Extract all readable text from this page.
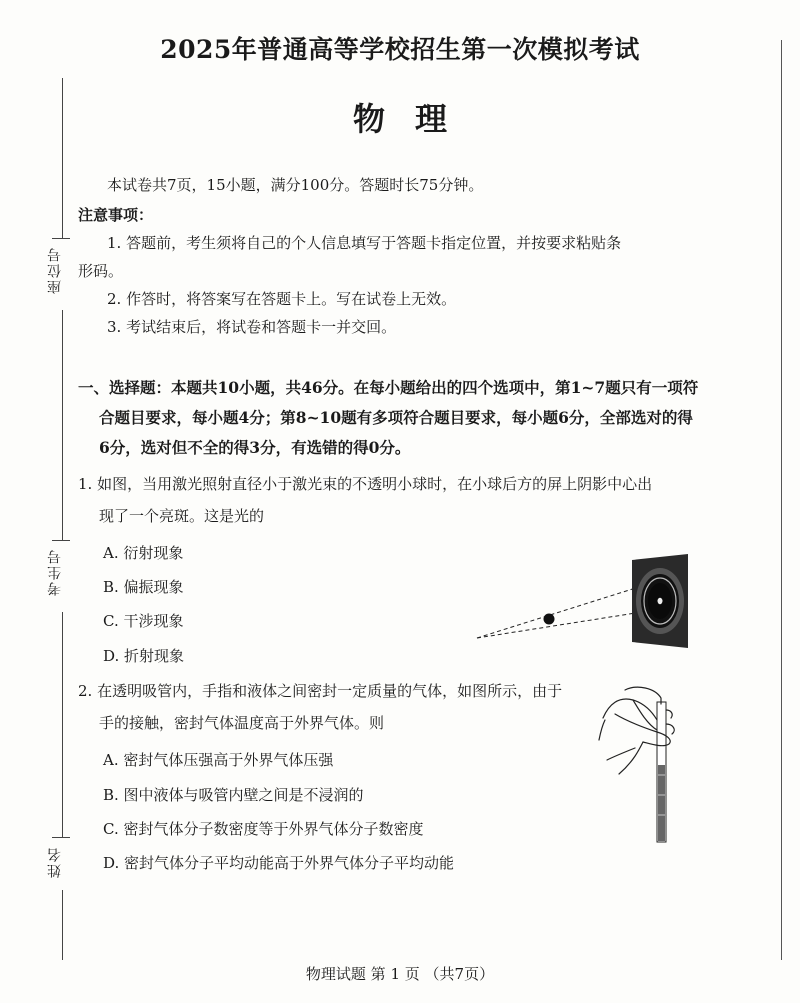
2025年普通高等学校招生第一次模拟考试
物理
本试卷共7页，15小题，满分100分。答题时长75分钟。
注意事项：
1. 答题前，考生须将自己的个人信息填写于答题卡指定位置，并按要求粘贴条
形码。
2. 作答时，将答案写在答题卡上。写在试卷上无效。
3. 考试结束后，将试卷和答题卡一并交回。
座位号
考生号
姓名
一、选择题：本题共10小题，共46分。在每小题给出的四个选项中，第1~7题只有一项符
合题目要求，每小题4分；第8~10题有多项符合题目要求，每小题6分，全部选对的得
6分，选对但不全的得3分，有选错的得0分。
1. 如图，当用激光照射直径小于激光束的不透明小球时，在小球后方的屏上阴影中心出
现了一个亮斑。这是光的
A. 衍射现象
B. 偏振现象
C. 干涉现象
D. 折射现象
2. 在透明吸管内，手指和液体之间密封一定质量的气体，如图所示，由于
手的接触，密封气体温度高于外界气体。则
A. 密封气体压强高于外界气体压强
B. 图中液体与吸管内壁之间是不浸润的
C. 密封气体分子数密度等于外界气体分子数密度
D. 密封气体分子平均动能高于外界气体分子平均动能
物理试题 第 1 页 （共7页）
